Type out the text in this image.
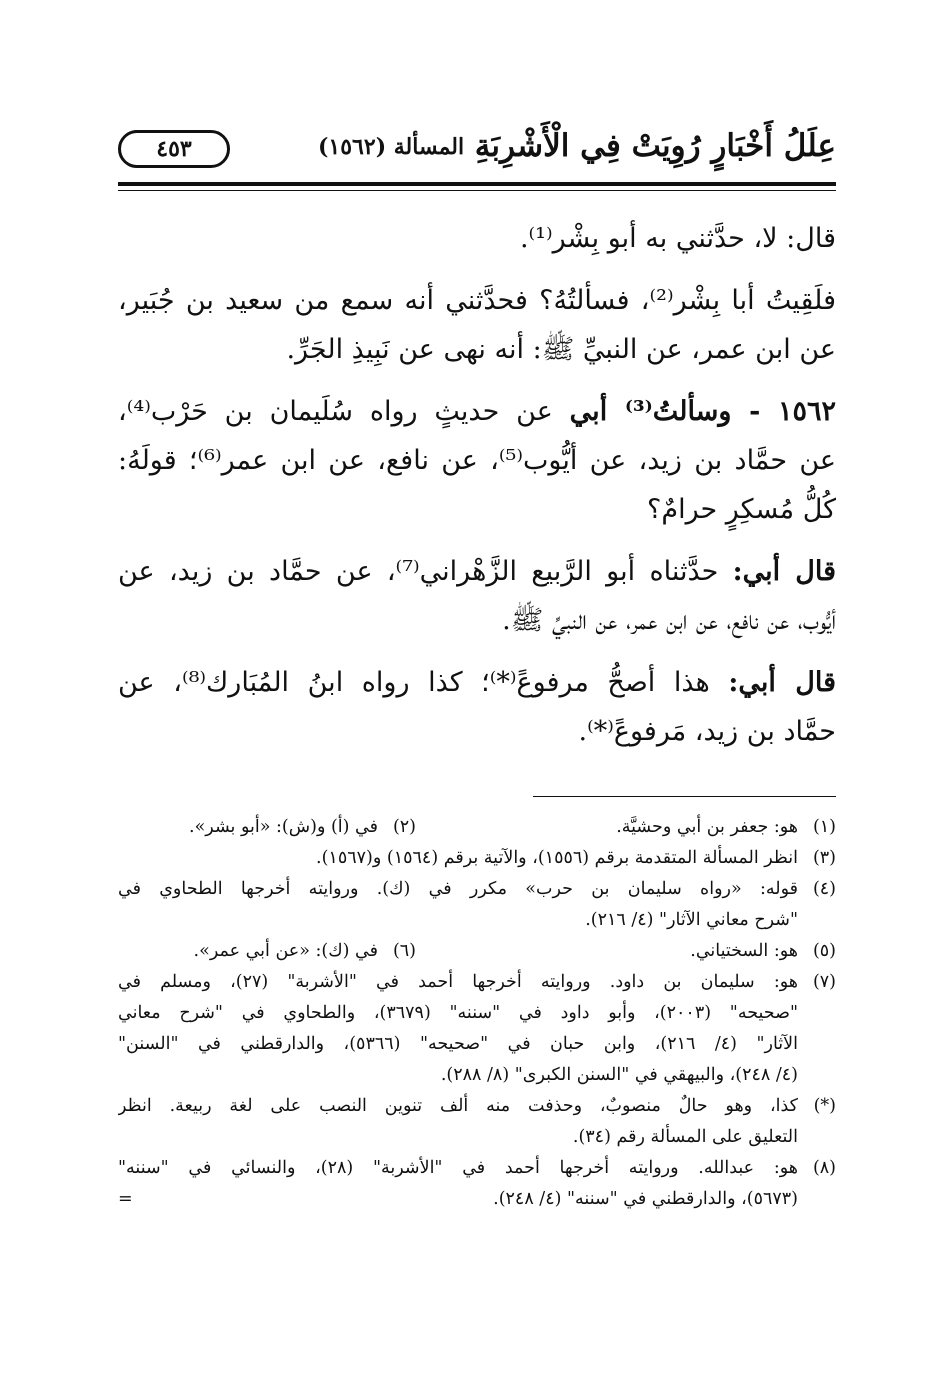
عِلَلُ أَخْبَارٍ رُوِيَتْ فِي الْأَشْرِبَةِ
المسألة (١٥٦٢)
٤٥٣
قال: لا، حدَّثني به أبو بِشْر⁽¹⁾.
فلَقِيتُ أبا بِشْر⁽²⁾، فسألتُهُ؟ فحدَّثني أنه سمع من سعيد بن جُبَير،
عن ابن عمر، عن النبيِّ ﷺ: أنه نهى عن نَبِيذِ الجَرِّ.
١٥٦٢ - وسألتُ⁽³⁾ أبي عن حديثٍ رواه سُلَيمان بن حَرْب⁽⁴⁾،
عن حمَّاد بن زيد، عن أيُّوب⁽⁵⁾، عن نافع، عن ابن عمر⁽⁶⁾؛ قولَهُ:
كُلُّ مُسكِرٍ حرامٌ؟
قال أبي: حدَّثناه أبو الرَّبيع الزَّهْراني⁽⁷⁾، عن حمَّاد بن زيد، عن
أيُّوب، عن نافع، عن ابن عمر، عن النبيِّ ﷺ.
قال أبي: هذا أصحُّ مرفوعً⁽*⁾؛ كذا رواه ابنُ المُبَارك⁽⁸⁾، عن
حمَّاد بن زيد، مَرفوعً⁽*⁾.
(١)
هو: جعفر بن أبي وحشيَّة.
(٢)
في (أ) و(ش): «أبو بشر».
(٣)
انظر المسألة المتقدمة برقم (١٥٥٦)، والآتية برقم (١٥٦٤) و(١٥٦٧).
(٤)
قوله: «رواه سليمان بن حرب» مكرر في (ك). وروايته أخرجها الطحاوي في
"شرح معاني الآثار" (٤/ ٢١٦).
(٥)
هو: السختياني.
(٦)
في (ك): «عن أبي عمر».
(٧)
هو: سليمان بن داود. وروايته أخرجها أحمد في "الأشربة" (٢٧)، ومسلم في
"صحيحه" (٢٠٠٣)، وأبو داود في "سننه" (٣٦٧٩)، والطحاوي في "شرح معاني
الآثار" (٤/ ٢١٦)، وابن حبان في "صحيحه" (٥٣٦٦)، والدارقطني في "السنن"
(٤/ ٢٤٨)، والبيهقي في "السنن الكبرى" (٨/ ٢٨٨).
(*)
كذا، وهو حالٌ منصوبٌ، وحذفت منه ألف تنوين النصب على لغة ربيعة. انظر
التعليق على المسألة رقم (٣٤).
(٨)
هو: عبدالله. وروايته أخرجها أحمد في "الأشربة" (٢٨)، والنسائي في "سننه"
(٥٦٧٣)، والدارقطني في "سننه" (٤/ ٢٤٨).
=
